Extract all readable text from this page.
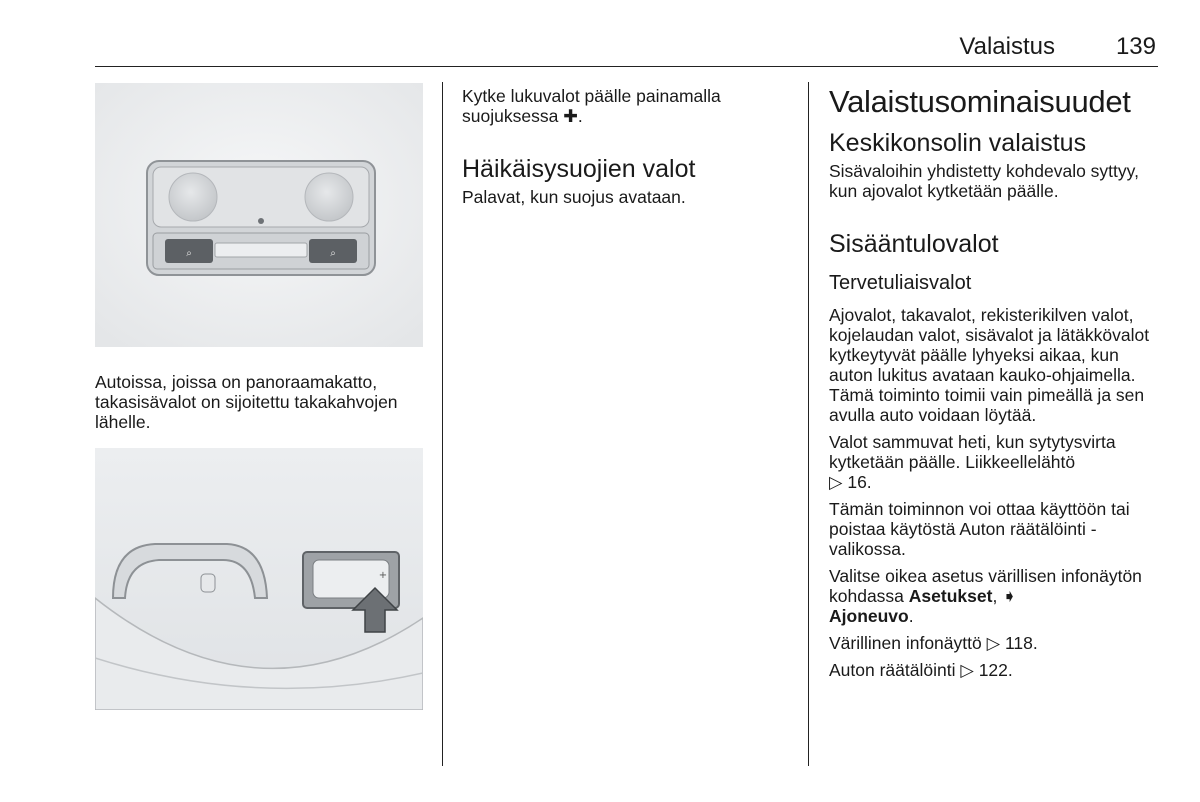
Valaistus	139
⌕	⌕
Autoissa, joissa on panoraamakatto, takasisävalot on sijoitettu takakahvojen lähelle.
+

Kytke lukuvalot päälle painamalla suojuksessa ✚.

Häikäisysuojien valot

Palavat, kun suojus avataan.

Valaistusominaisuudet
Keskikonsolin valaistus

Sisävaloihin yhdistetty kohdevalo syttyy, kun ajovalot kytketään päälle.

Sisääntulovalot
Tervetuliaisvalot

Ajovalot, takavalot, rekisterikilven valot, kojelaudan valot, sisävalot ja lätäkkövalot kytkeytyvät päälle lyhyeksi aikaa, kun auton lukitus avataan kauko-ohjaimella. Tämä toiminto toimii vain pimeällä ja sen avulla auto voidaan löytää.

Valot sammuvat heti, kun sytytysvirta kytketään päälle. Liikkeellelähtö
▷ 16.

Tämän toiminnon voi ottaa käyttöön tai poistaa käytöstä Auton räätälöinti -valikossa.

Valitse oikea asetus värillisen infonäytön kohdassa Asetukset, ➧
Ajoneuvo.

Värillinen infonäyttö ▷ 118.

Auton räätälöinti ▷ 122.
